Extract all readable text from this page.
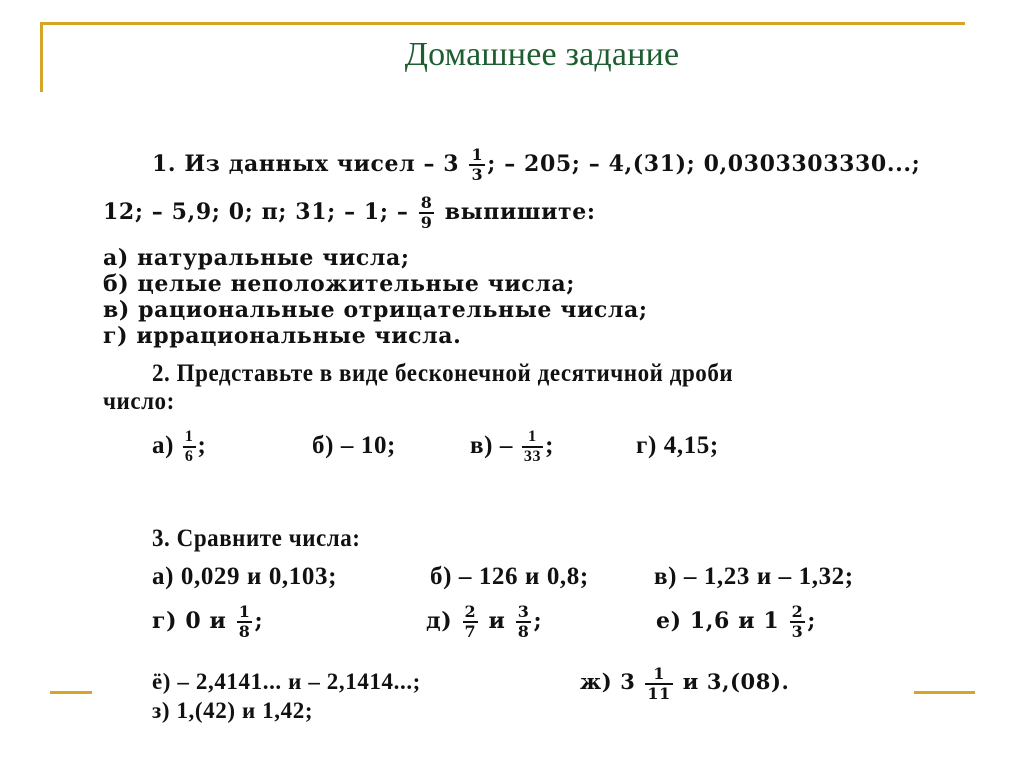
Домашнее задание
1. Из данных чисел – $3 \frac{1}{3}$ ; – 205; – 4,(31); 0,0303303330...;
12; – 5,9; 0; π; 31; – 1; – $\frac{8}{9}$ выпишите:
а) натуральные числа;
б) целые неположительные числа;
в) рациональные отрицательные числа;
г) иррациональные числа.
2. Представьте в виде бесконечной десятичной дроби
число:
$а) \frac{1}{6}$ ;	б) – 10;	$в) - \frac{1}{33}$ ;	г) 4,15;
3. Сравните числа:
а) 0,029 и 0,103;	б) – 126 и 0,8;	в) – 1,23 и – 1,32;
г) 0 и $\frac{1}{8}$ ;	$д) \frac{2}{7}$ и $\frac{3}{8}$ ;	е) 1,6 и $1 \frac{2}{3}$ ;
ё) – 2,4141... и – 2,1414...;	ж) $3 \frac{1}{11}$ и 3,(08).
з) 1,(42) и 1,42;
